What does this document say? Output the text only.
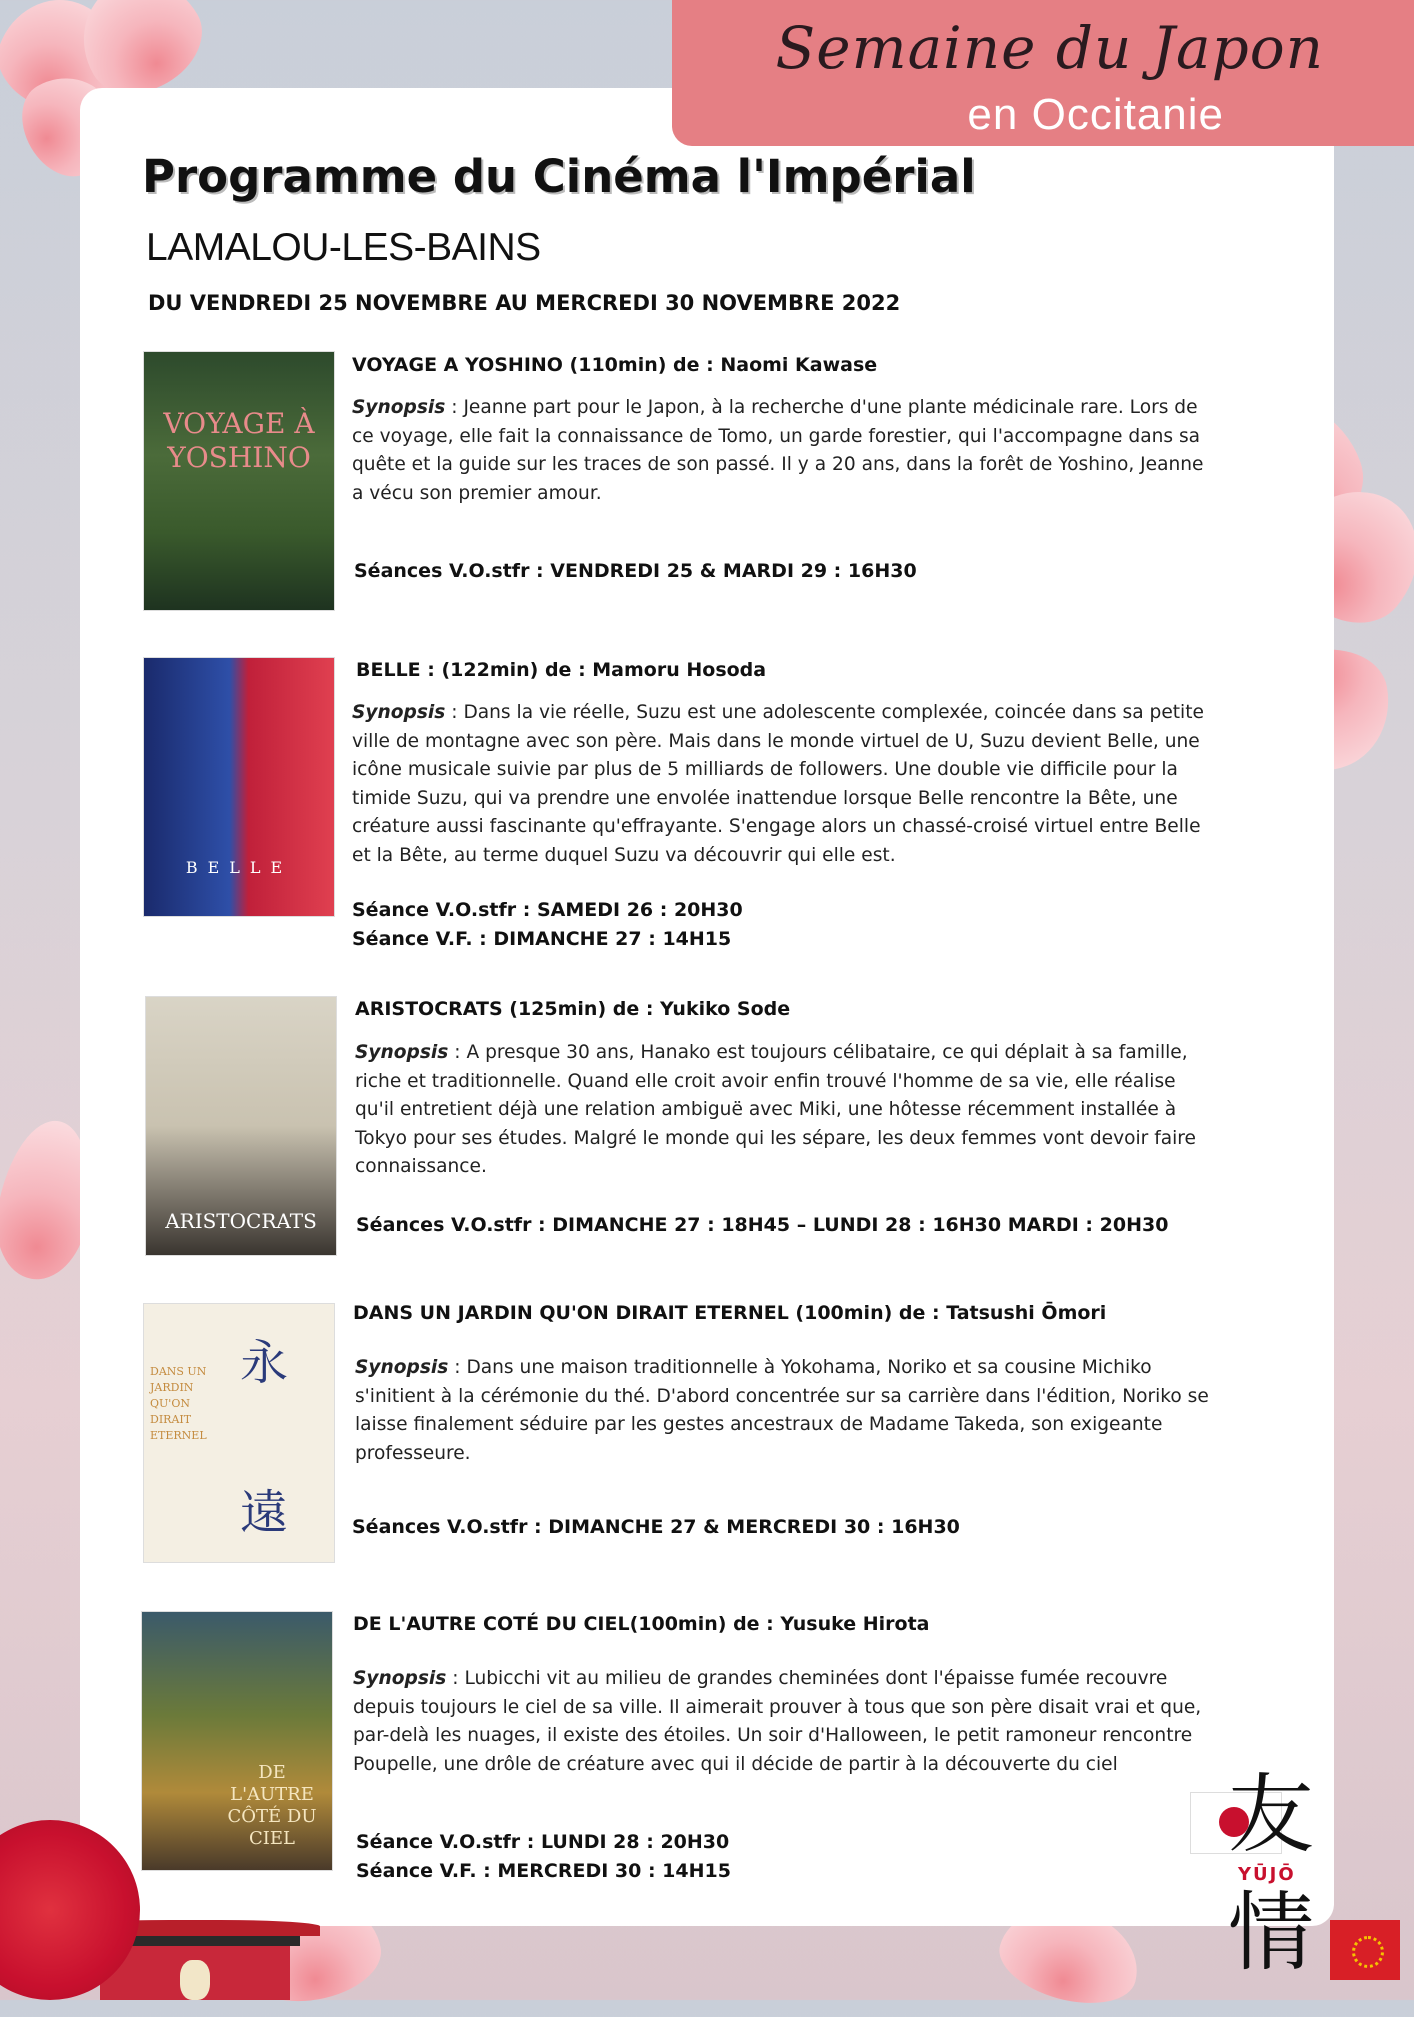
Semaine du Japon
en Occitanie
Programme du Cinéma l'Impérial
LAMALOU-LES-BAINS
DU VENDREDI 25 NOVEMBRE AU MERCREDI 30 NOVEMBRE 2022
VOYAGE À YOSHINO
VOYAGE A YOSHINO (110min) de : Naomi Kawase
Synopsis : Jeanne part pour le Japon, à la recherche d'une plante médicinale rare. Lors de ce voyage, elle fait la connaissance de Tomo, un garde forestier, qui l'accompagne dans sa quête et la guide sur les traces de son passé. Il y a 20 ans, dans la forêt de Yoshino, Jeanne a vécu son premier amour.
Séances V.O.stfr : VENDREDI 25 & MARDI 29 : 16H30
BELLE
BELLE : (122min) de : Mamoru Hosoda
Synopsis : Dans la vie réelle, Suzu est une adolescente complexée, coincée dans sa petite ville de montagne avec son père. Mais dans le monde virtuel de U, Suzu devient Belle, une icône musicale suivie par plus de 5 milliards de followers. Une double vie difficile pour la timide Suzu, qui va prendre une envolée inattendue lorsque Belle rencontre la Bête, une créature aussi fascinante qu'effrayante. S'engage alors un chassé-croisé virtuel entre Belle et la Bête, au terme duquel Suzu va découvrir qui elle est.
Séance V.O.stfr : SAMEDI 26 : 20H30
Séance V.F. : DIMANCHE 27 : 14H15
ARISTOCRATS
ARISTOCRATS (125min) de : Yukiko Sode
Synopsis : A presque 30 ans, Hanako est toujours célibataire, ce qui déplait à sa famille, riche et traditionnelle. Quand elle croit avoir enfin trouvé l'homme de sa vie, elle réalise qu'il entretient déjà une relation ambiguë avec Miki, une hôtesse récemment installée à Tokyo pour ses études. Malgré le monde qui les sépare, les deux femmes vont devoir faire connaissance.
Séances V.O.stfr : DIMANCHE 27 : 18H45 – LUNDI 28 : 16H30 MARDI : 20H30
DANS UN JARDIN QU'ON DIRAIT ETERNEL
永
遠
DANS UN JARDIN QU'ON DIRAIT ETERNEL (100min) de : Tatsushi Ōmori
Synopsis : Dans une maison traditionnelle à Yokohama, Noriko et sa cousine Michiko s'initient à la cérémonie du thé. D'abord concentrée sur sa carrière dans l'édition, Noriko se laisse finalement séduire par les gestes ancestraux de Madame Takeda, son exigeante professeure.
Séances V.O.stfr : DIMANCHE 27 & MERCREDI 30 : 16H30
DE L'AUTRE CÔTÉ DU CIEL
DE L'AUTRE COTÉ DU CIEL(100min) de : Yusuke Hirota
Synopsis : Lubicchi vit au milieu de grandes cheminées dont l'épaisse fumée recouvre depuis toujours le ciel de sa ville. Il aimerait prouver à tous que son père disait vrai et que, par-delà les nuages, il existe des étoiles. Un soir d'Halloween, le petit ramoneur rencontre Poupelle, une drôle de créature avec qui il décide de partir à la découverte du ciel
Séance V.O.stfr : LUNDI 28 : 20H30
Séance V.F. : MERCREDI 30 : 14H15
友
YŪJŌ
情
